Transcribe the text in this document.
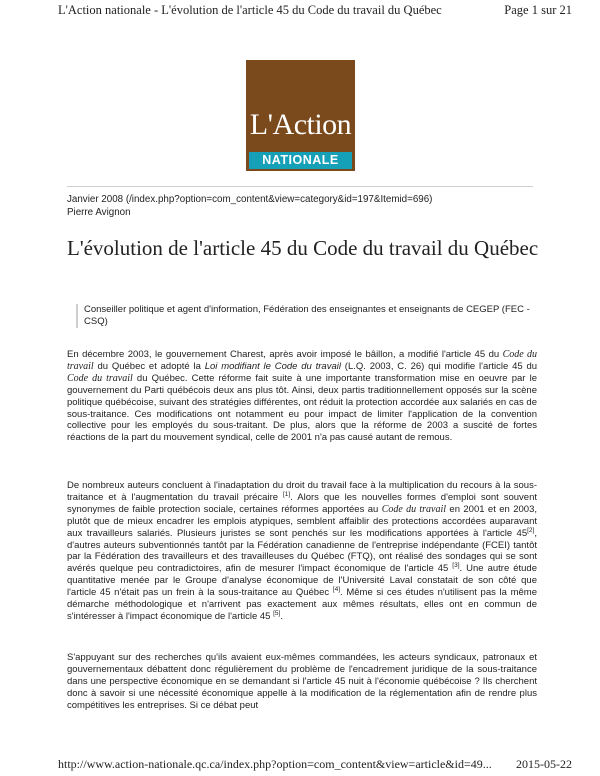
L'Action nationale - L'évolution de l'article 45 du Code du travail du Québec	Page 1 sur 21
L'Action
NATIONALE
Janvier 2008 (/index.php?option=com_content&view=category&id=197&Itemid=696)
Pierre Avignon
L'évolution de l'article 45 du Code du travail du Québec
Conseiller politique et agent d'information, Fédération des enseignantes et enseignants de CEGEP (FEC - CSQ)

En décembre 2003, le gouvernement Charest, après avoir imposé le bâillon, a modifié l'article 45 du Code du travail du Québec et adopté la Loi modifiant le Code du travail (L.Q. 2003, C. 26) qui modifie l'article 45 du Code du travail du Québec. Cette réforme fait suite à une importante transformation mise en oeuvre par le gouvernement du Parti québécois deux ans plus tôt. Ainsi, deux partis traditionnellement opposés sur la scène politique québécoise, suivant des stratégies différentes, ont réduit la protection accordée aux salariés en cas de sous-traitance. Ces modifications ont notamment eu pour impact de limiter l'application de la convention collective pour les employés du sous-traitant. De plus, alors que la réforme de 2003 a suscité de fortes réactions de la part du mouvement syndical, celle de 2001 n'a pas causé autant de remous.

De nombreux auteurs concluent à l'inadaptation du droit du travail face à la multiplication du recours à la sous-traitance et à l'augmentation du travail précaire [1]. Alors que les nouvelles formes d'emploi sont souvent synonymes de faible protection sociale, certaines réformes apportées au Code du travail en 2001 et en 2003, plutôt que de mieux encadrer les emplois atypiques, semblent affaiblir des protections accordées auparavant aux travailleurs salariés. Plusieurs juristes se sont penchés sur les modifications apportées à l'article 45[2], d'autres auteurs subventionnés tantôt par la Fédération canadienne de l'entreprise indépendante (FCEI) tantôt par la Fédération des travailleurs et des travailleuses du Québec (FTQ), ont réalisé des sondages qui se sont avérés quelque peu contradictoires, afin de mesurer l'impact économique de l'article 45 [3]. Une autre étude quantitative menée par le Groupe d'analyse économique de l'Université Laval constatait de son côté que l'article 45 n'était pas un frein à la sous-traitance au Québec [4]. Même si ces études n'utilisent pas la même démarche méthodologique et n'arrivent pas exactement aux mêmes résultats, elles ont en commun de s'intéresser à l'impact économique de l'article 45 [5].

S'appuyant sur des recherches qu'ils avaient eux-mêmes commandées, les acteurs syndicaux, patronaux et gouvernementaux débattent donc régulièrement du problème de l'encadrement juridique de la sous-traitance dans une perspective économique en se demandant si l'article 45 nuit à l'économie québécoise ? Ils cherchent donc à savoir si une nécessité économique appelle à la modification de la réglementation afin de rendre plus compétitives les entreprises. Si ce débat peut

http://www.action-nationale.qc.ca/index.php?option=com_content&view=article&id=49... 2015-05-22
